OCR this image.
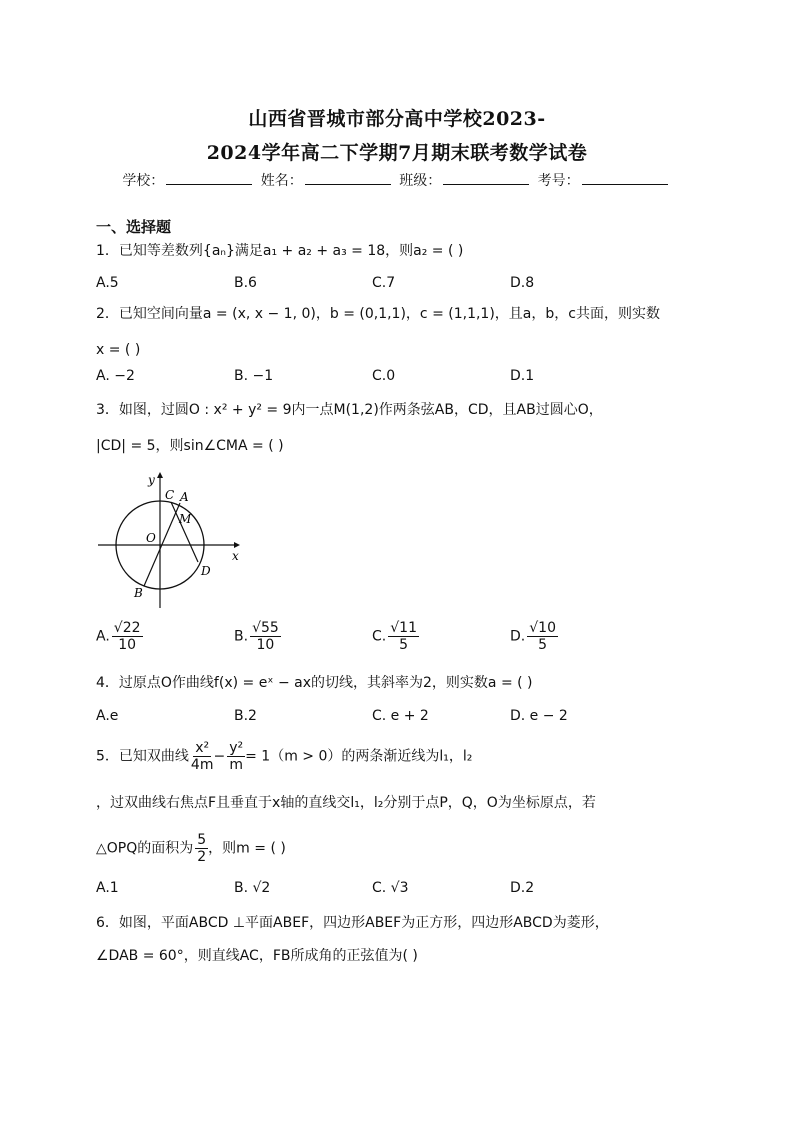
山西省晋城市部分高中学校2023-
2024学年高二下学期7月期末联考数学试卷
学校：	姓名：	班级：	考号：
一、选择题
1．已知等差数列{aₙ}满足a₁ + a₂ + a₃ = 18，则a₂ = ( )
A.5	B.6	C.7	D.8
2．已知空间向量a = (x, x − 1, 0)，b = (0,1,1)，c = (1,1,1)，且a，b，c共面，则实数
x = ( )
A. −2	B. −1	C.0	D.1
3．如图，过圆O : x² + y² = 9内一点M(1,2)作两条弦AB，CD，且AB过圆心O，
|CD| = 5，则sin∠CMA = ( )
y
x
O
C A
M
D
B
A. $\frac{√22}{10}$	B. $\frac{√55}{10}$	C. $\frac{√11}{5}$	D. $\frac{√10}{5}$
4．过原点O作曲线f(x) = eˣ − ax的切线，其斜率为2，则实数a = ( )
A.e	B.2	C. e + 2	D. e − 2
5．已知双曲线 $\frac{\text{x²}}{4m} - \frac{\text{y²}}{m} = 1(m > 0)$的两条渐近线为l₁，l₂
，过双曲线右焦点F且垂直于x轴的直线交l₁，l₂分别于点P，Q，O为坐标原点，若
△OPQ的面积为 $\frac{5}{2}$ ，则m = ( )
A.1	B. √2	C. √3	D.2
6．如图，平面ABCD ⊥平面ABEF，四边形ABEF为正方形，四边形ABCD为菱形，
∠DAB = 60°，则直线AC，FB所成角的正弦值为( )
